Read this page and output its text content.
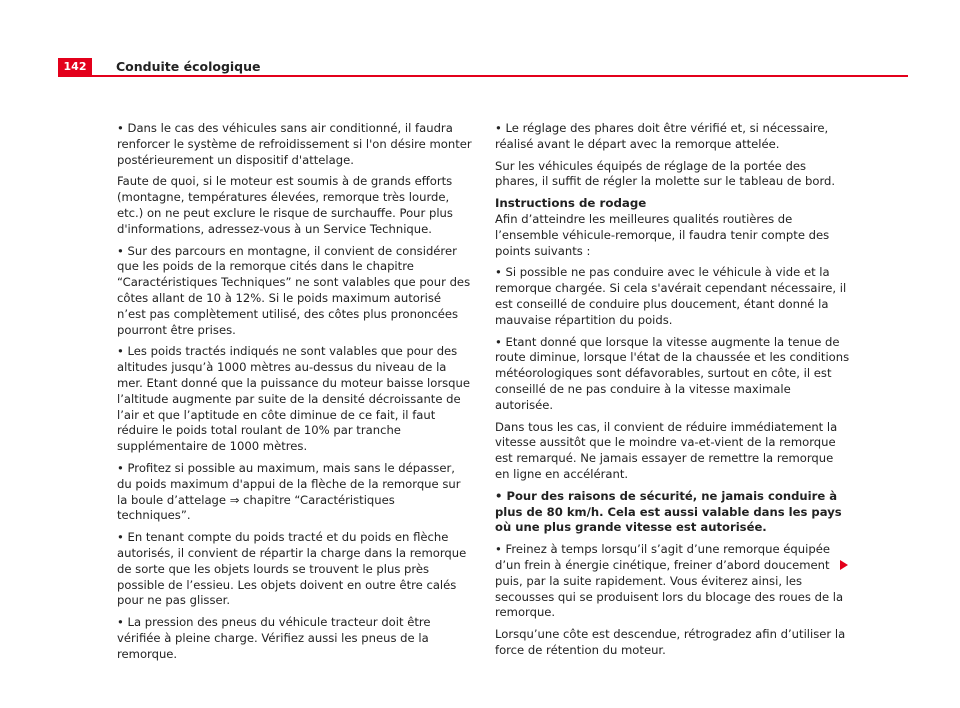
142	Conduite écologique

• Dans le cas des véhicules sans air conditionné, il faudra renforcer le système de refroidissement si l'on désire monter postérieurement un dispositif d'attelage.

Faute de quoi, si le moteur est soumis à de grands efforts (montagne, températures élevées, remorque très lourde, etc.) on ne peut exclure le risque de surchauffe. Pour plus d'informations, adressez-vous à un Service Technique.

• Sur des parcours en montagne, il convient de considérer que les poids de la remorque cités dans le chapitre “Caractéristiques Techniques” ne sont valables que pour des côtes allant de 10 à 12%. Si le poids maximum autorisé n’est pas complètement utilisé, des côtes plus prononcées pourront être prises.

• Les poids tractés indiqués ne sont valables que pour des altitudes jusqu’à 1000 mètres au-dessus du niveau de la mer. Etant donné que la puissance du moteur baisse lorsque l’altitude augmente par suite de la densité décroissante de l’air et que l’aptitude en côte diminue de ce fait, il faut réduire le poids total roulant de 10% par tranche supplémentaire de 1000 mètres.

• Profitez si possible au maximum, mais sans le dépasser, du poids maximum d'appui de la flèche de la remorque sur la boule d’attelage ⇒ chapitre “Caractéristiques techniques”.

• En tenant compte du poids tracté et du poids en flèche autorisés, il convient de répartir la charge dans la remorque de sorte que les objets lourds se trouvent le plus près possible de l’essieu. Les objets doivent en outre être calés pour ne pas glisser.

• La pression des pneus du véhicule tracteur doit être vérifiée à pleine charge. Vérifiez aussi les pneus de la remorque.

• Le réglage des phares doit être vérifié et, si nécessaire, réalisé avant le départ avec la remorque attelée.

Sur les véhicules équipés de réglage de la portée des phares, il suffit de régler la molette sur le tableau de bord.

Instructions de rodage

Afin d’atteindre les meilleures qualités routières de l’ensemble véhicule-remorque, il faudra tenir compte des points suivants :

• Si possible ne pas conduire avec le véhicule à vide et la remorque chargée. Si cela s'avérait cependant nécessaire, il est conseillé de conduire plus doucement, étant donné la mauvaise répartition du poids.

• Etant donné que lorsque la vitesse augmente la tenue de route diminue, lorsque l'état de la chaussée et les conditions météorologiques sont défavorables, surtout en côte, il est conseillé de ne pas conduire à la vitesse maximale autorisée.

Dans tous les cas, il convient de réduire immédiatement la vitesse aussitôt que le moindre va-et-vient de la remorque est remarqué. Ne jamais essayer de remettre la remorque en ligne en accélérant.

• Pour des raisons de sécurité, ne jamais conduire à plus de 80 km/h. Cela est aussi valable dans les pays où une plus grande vitesse est autorisée.

• Freinez à temps lorsqu’il s’agit d’une remorque équipée d’un frein à énergie cinétique, freiner d’abord doucement puis, par la suite rapidement. Vous éviterez ainsi, les secousses qui se produisent lors du blocage des roues de la remorque.

Lorsqu’une côte est descendue, rétrogradez afin d’utiliser la force de rétention du moteur.
